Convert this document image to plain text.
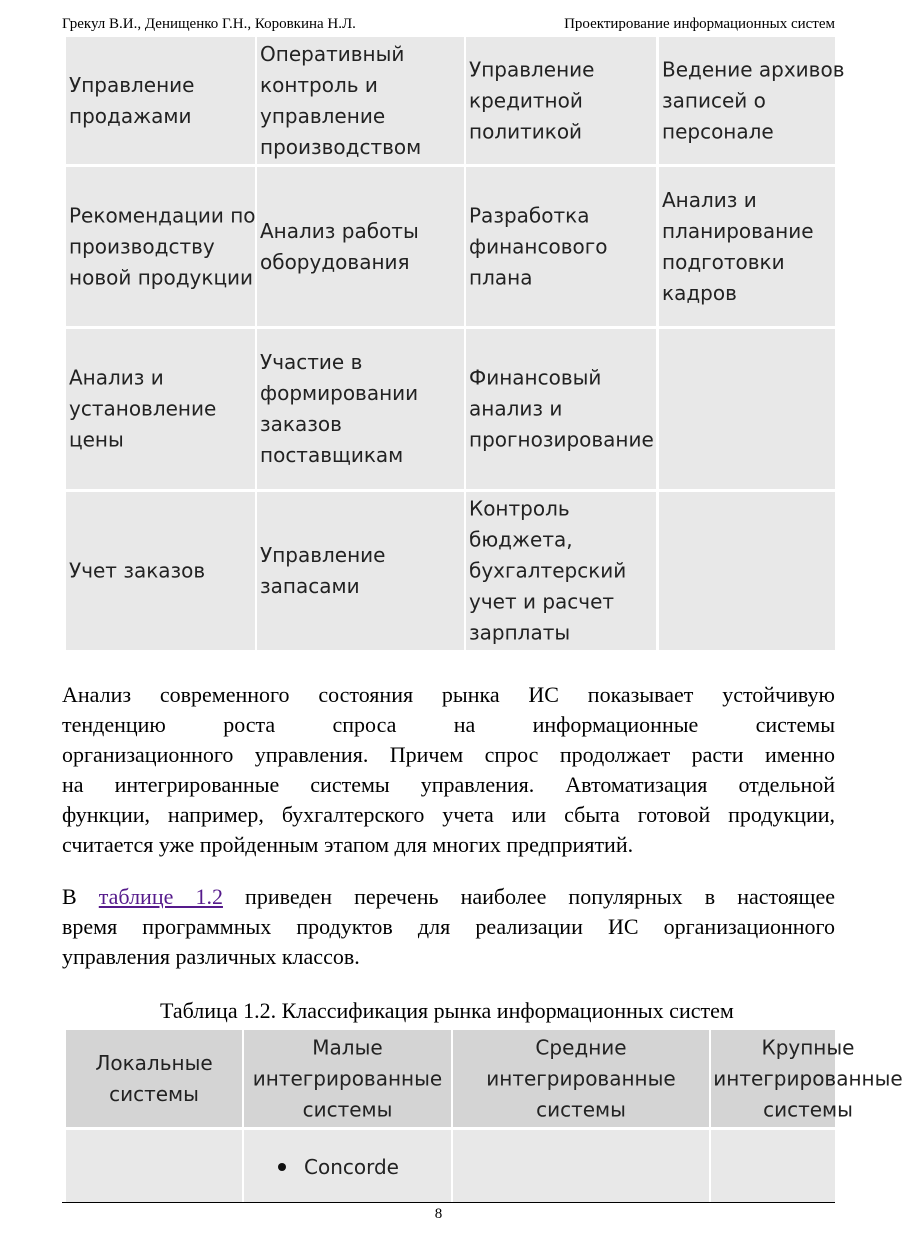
Грекул В.И., Денищенко Г.Н., Коровкина Н.Л.	Проектирование информационных систем
Управление
продажами
Оперативный
контроль и
управление
производством
Управление
кредитной
политикой
Ведение архивов
записей о
персонале
Рекомендации по
производству
новой продукции
Анализ работы
оборудования
Разработка
финансового
плана
Анализ и
планирование
подготовки
кадров
Анализ и
установление
цены
Участие в
формировании
заказов
поставщикам
Финансовый
анализ и
прогнозирование
Учет заказов
Управление
запасами
Контроль
бюджета,
бухгалтерский
учет и расчет
зарплаты
Анализ современного состояния рынка ИС показывает устойчивую
тенденцию роста спроса на информационные системы
организационного управления. Причем спрос продолжает расти именно
на интегрированные системы управления. Автоматизация отдельной
функции, например, бухгалтерского учета или сбыта готовой продукции,
считается уже пройденным этапом для многих предприятий.
В таблице 1.2 приведен перечень наиболее популярных в настоящее
время программных продуктов для реализации ИС организационного
управления различных классов.
Таблица 1.2. Классификация рынка информационных систем
Локальные
системы
Малые
интегрированные
системы
Средние
интегрированные
системы
Крупные
интегрированные
системы
Concorde
8
